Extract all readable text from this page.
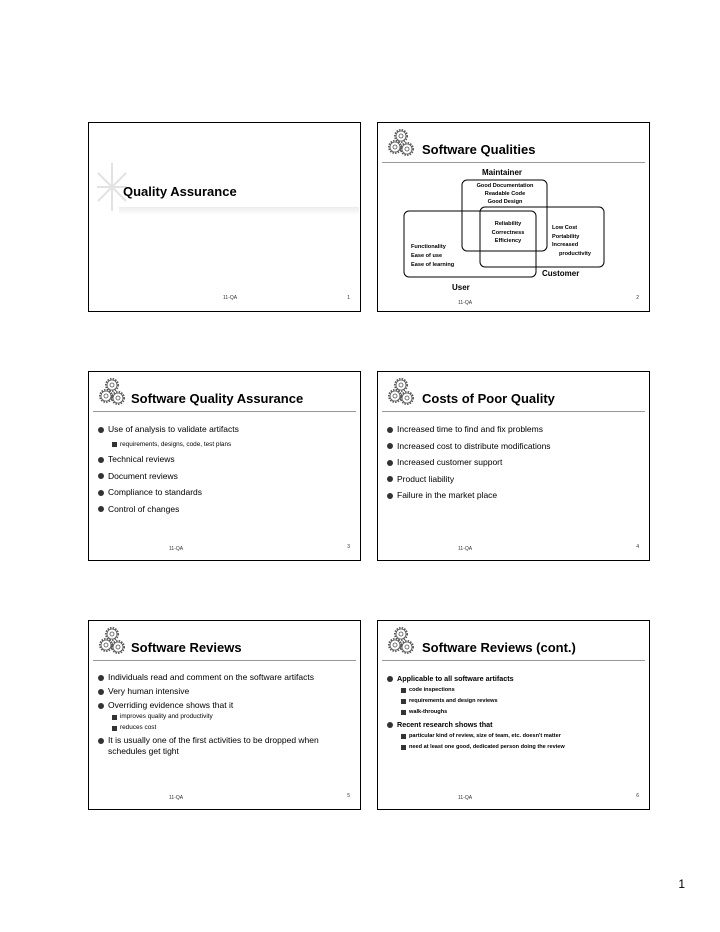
Quality Assurance
11-QA	1
Software Qualities
Maintainer
Good Documentation
Readable Code
Good Design
Reliability
Correctness
Efficiency
Low Cost
Portability
Increased
productivity
Functionality
Ease of use
Ease of learning
Customer
User
11-QA
2
Software Quality Assurance
Use of analysis to validate artifacts
requirements, designs, code, test plans
Technical reviews
Document reviews
Compliance to standards
Control of changes
11-QA	3
Costs of Poor Quality
Increased time to find and fix problems
Increased cost to distribute modifications
Increased customer support
Product liability
Failure in the market place
11-QA	4
Software Reviews
Individuals read and comment on the software artifacts
Very human intensive
Overriding evidence shows that it
improves quality and productivity
reduces cost
It is usually one of the first activities to be dropped when schedules get tight
11-QA	5
Software Reviews (cont.)
Applicable to all software artifacts
code inspections
requirements and design reviews
walk-throughs
Recent research shows that
particular kind of review, size of team, etc. doesn't matter
need at least one good, dedicated person doing the review
11-QA	6
1
